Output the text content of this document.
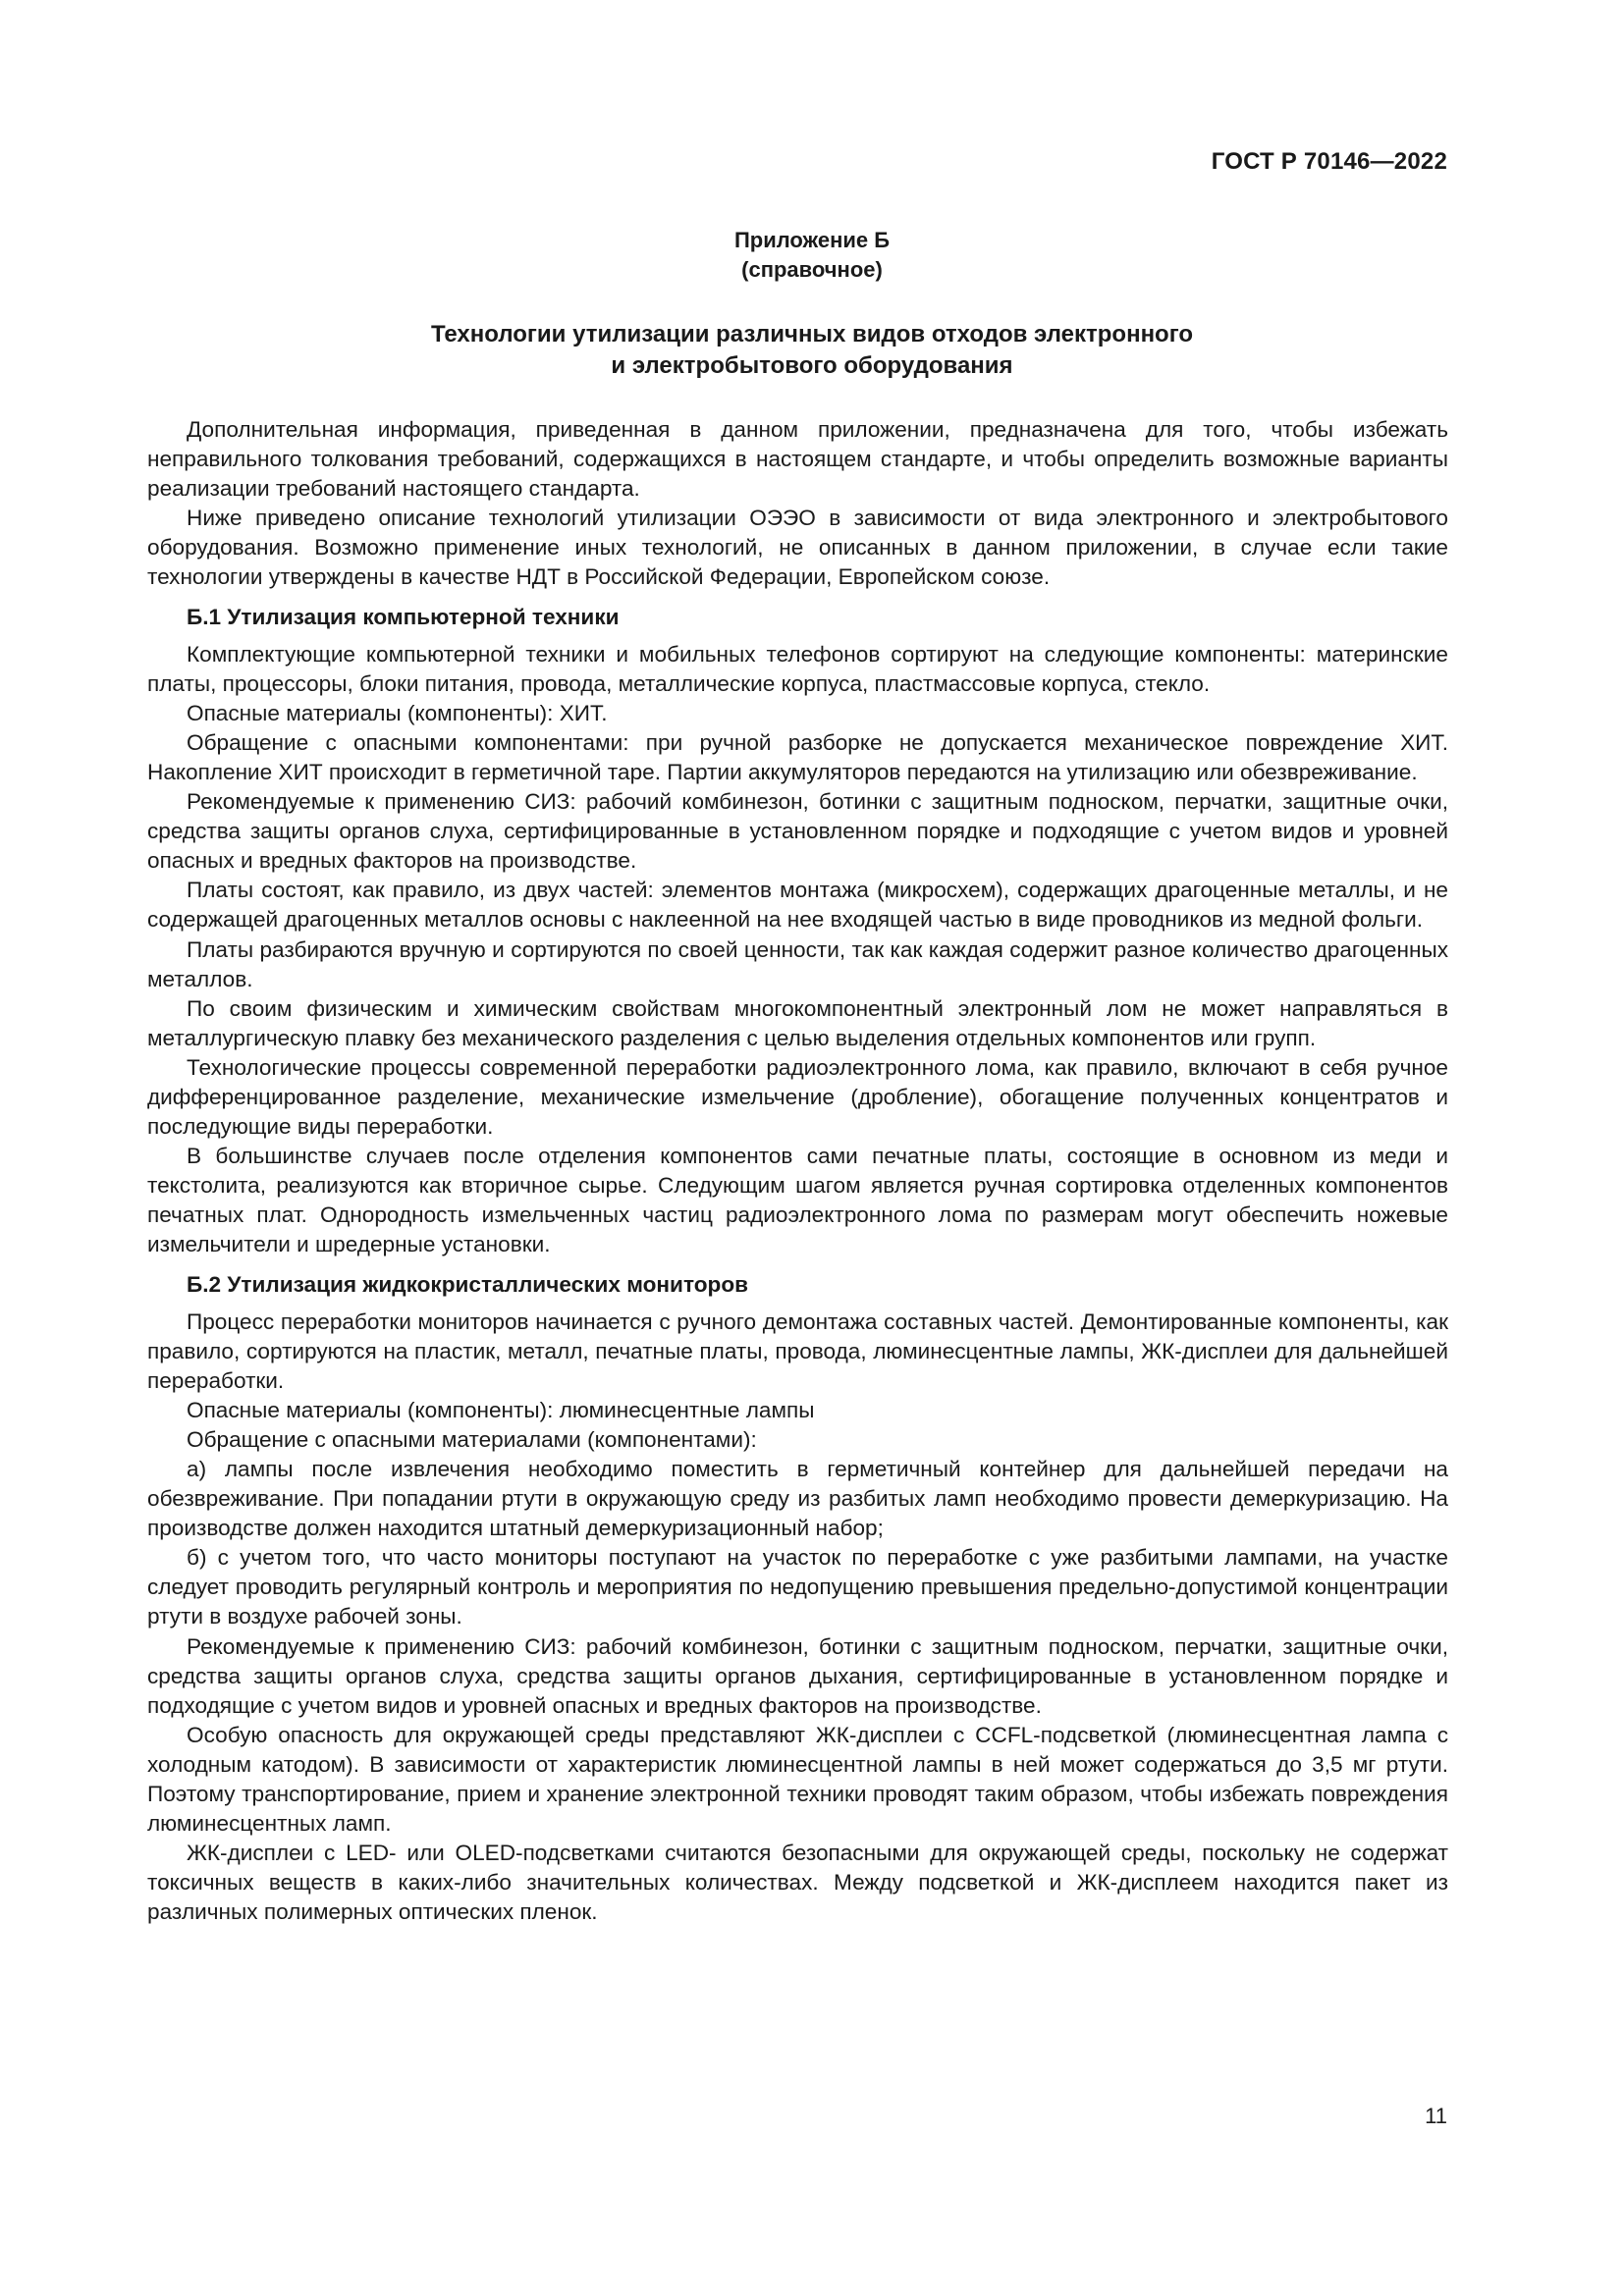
ГОСТ Р 70146—2022
Приложение Б
(справочное)
Технологии утилизации различных видов отходов электронного
и электробытового оборудования

Дополнительная информация, приведенная в данном приложении, предназначена для того, чтобы избежать неправильного толкования требований, содержащихся в настоящем стандарте, и чтобы определить возможные варианты реализации требований настоящего стандарта.

Ниже приведено описание технологий утилизации ОЭЭО в зависимости от вида электронного и электробытового оборудования. Возможно применение иных технологий, не описанных в данном приложении, в случае если такие технологии утверждены в качестве НДТ в Российской Федерации, Европейском союзе.

Б.1 Утилизация компьютерной техники

Комплектующие компьютерной техники и мобильных телефонов сортируют на следующие компоненты: материнские платы, процессоры, блоки питания, провода, металлические корпуса, пластмассовые корпуса, стекло.

Опасные материалы (компоненты): ХИТ.

Обращение с опасными компонентами: при ручной разборке не допускается механическое повреждение ХИТ. Накопление ХИТ происходит в герметичной таре. Партии аккумуляторов передаются на утилизацию или обезвреживание.

Рекомендуемые к применению СИЗ: рабочий комбинезон, ботинки с защитным подноском, перчатки, защитные очки, средства защиты органов слуха, сертифицированные в установленном порядке и подходящие с учетом видов и уровней опасных и вредных факторов на производстве.

Платы состоят, как правило, из двух частей: элементов монтажа (микросхем), содержащих драгоценные металлы, и не содержащей драгоценных металлов основы с наклеенной на нее входящей частью в виде проводников из медной фольги.

Платы разбираются вручную и сортируются по своей ценности, так как каждая содержит разное количество драгоценных металлов.

По своим физическим и химическим свойствам многокомпонентный электронный лом не может направляться в металлургическую плавку без механического разделения с целью выделения отдельных компонентов или групп.

Технологические процессы современной переработки радиоэлектронного лома, как правило, включают в себя ручное дифференцированное разделение, механические измельчение (дробление), обогащение полученных концентратов и последующие виды переработки.

В большинстве случаев после отделения компонентов сами печатные платы, состоящие в основном из меди и текстолита, реализуются как вторичное сырье. Следующим шагом является ручная сортировка отделенных компонентов печатных плат. Однородность измельченных частиц радиоэлектронного лома по размерам могут обеспечить ножевые измельчители и шредерные установки.

Б.2 Утилизация жидкокристаллических мониторов

Процесс переработки мониторов начинается с ручного демонтажа составных частей. Демонтированные компоненты, как правило, сортируются на пластик, металл, печатные платы, провода, люминесцентные лампы, ЖК-дисплеи для дальнейшей переработки.

Опасные материалы (компоненты): люминесцентные лампы

Обращение с опасными материалами (компонентами):

а) лампы после извлечения необходимо поместить в герметичный контейнер для дальнейшей передачи на обезвреживание. При попадании ртути в окружающую среду из разбитых ламп необходимо провести демеркуризацию. На производстве должен находится штатный демеркуризационный набор;

б) с учетом того, что часто мониторы поступают на участок по переработке с уже разбитыми лампами, на участке следует проводить регулярный контроль и мероприятия по недопущению превышения предельно-допустимой концентрации ртути в воздухе рабочей зоны.

Рекомендуемые к применению СИЗ: рабочий комбинезон, ботинки с защитным подноском, перчатки, защитные очки, средства защиты органов слуха, средства защиты органов дыхания, сертифицированные в установленном порядке и подходящие с учетом видов и уровней опасных и вредных факторов на производстве.

Особую опасность для окружающей среды представляют ЖК-дисплеи с CCFL-подсветкой (люминесцентная лампа с холодным катодом). В зависимости от характеристик люминесцентной лампы в ней может содержаться до 3,5 мг ртути. Поэтому транспортирование, прием и хранение электронной техники проводят таким образом, чтобы избежать повреждения люминесцентных ламп.

ЖК-дисплеи с LED- или OLED-подсветками считаются безопасными для окружающей среды, поскольку не содержат токсичных веществ в каких-либо значительных количествах. Между подсветкой и ЖК-дисплеем находится пакет из различных полимерных оптических пленок.

11
